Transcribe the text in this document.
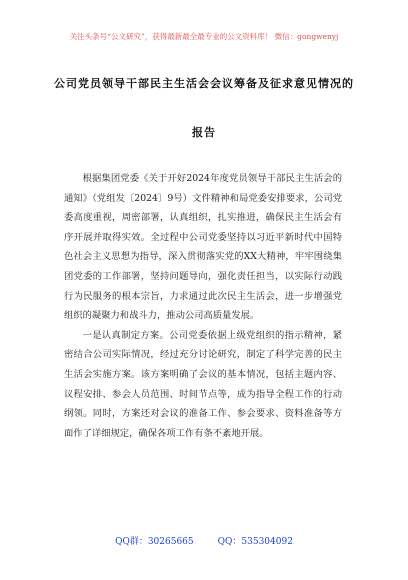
关注头条号“公文研究”，获得最新最全最专业的公文资料库！ 微信：gongwenyj
公司党员领导干部民主生活会会议筹备及征求意见情况的
报告

根据集团党委《关于开好2024年度党员领导干部民主生活会的通知》（党组发〔2024〕9号）文件精神和局党委安排要求，公司党委高度重视，周密部署，认真组织，扎实推进，确保民主生活会有序开展并取得实效。全过程中公司党委坚持以习近平新时代中国特色社会主义思想为指导，深入贯彻落实党的XX大精神，牢牢围绕集团党委的工作部署，坚持问题导向，强化责任担当，以实际行动践行为民服务的根本宗旨，力求通过此次民主生活会，进一步增强党组织的凝聚力和战斗力，推动公司高质量发展。

一是认真制定方案。公司党委依据上级党组织的指示精神，紧密结合公司实际情况，经过充分讨论研究，制定了科学完善的民主生活会实施方案。该方案明确了会议的基本情况，包括主题内容、议程安排、参会人员范围、时间节点等，成为指导全程工作的行动纲领。同时，方案还对会议的准备工作、参会要求、资料准备等方面作了详细规定，确保各项工作有条不紊地开展。

QQ群：30265665	QQ：535304092
